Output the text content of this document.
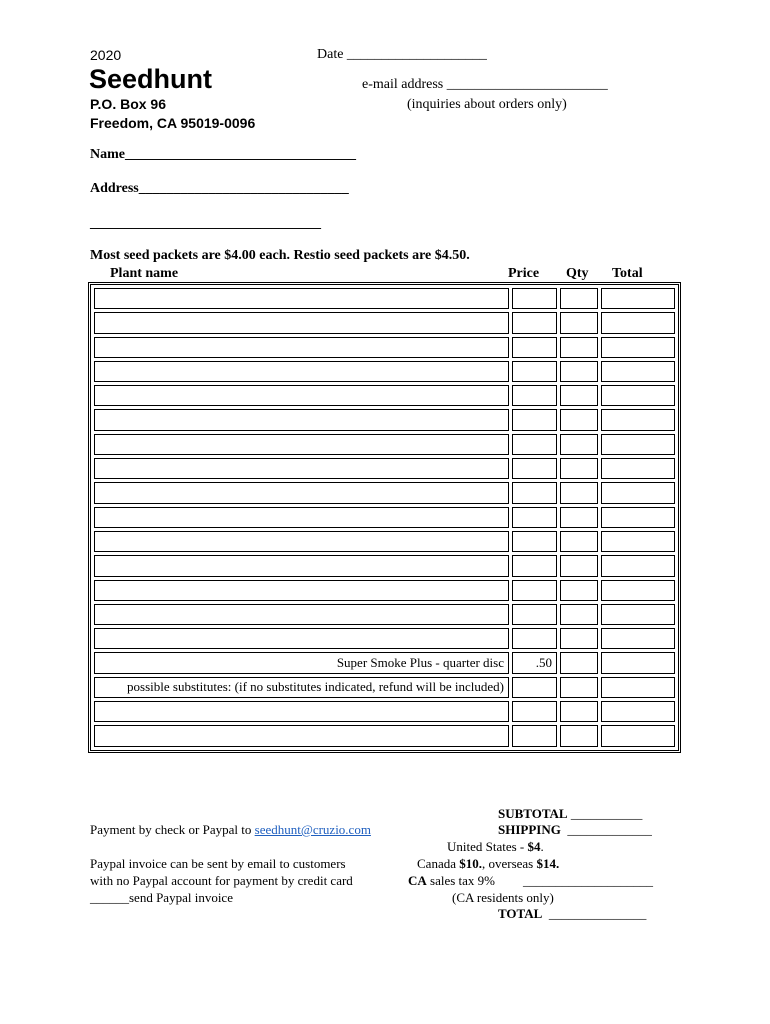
2020	Date ____________________
Seedhunt	e-mail address _______________________
P.O. Box 96	(inquiries about orders only)
Freedom, CA 95019-0096
Name_________________________________
Address______________________________
_________________________________
Most seed packets are $4.00 each. Restio seed packets are $4.50.
Plant name	Price Qty Total

Super Smoke Plus - quarter disc	.50		
possible substitutes: (if no substitutes indicated, refund will be included)			

Payment by check or Paypal to seedhunt@cruzio.com
Paypal invoice can be sent by email to customers
with no Paypal account for payment by credit card
______send Paypal invoice
SUBTOTAL ___________
SHIPPING _____________
United States - $4.
Canada $10., overseas $14.
CA sales tax 9% ____________________
(CA residents only)
TOTAL _______________
